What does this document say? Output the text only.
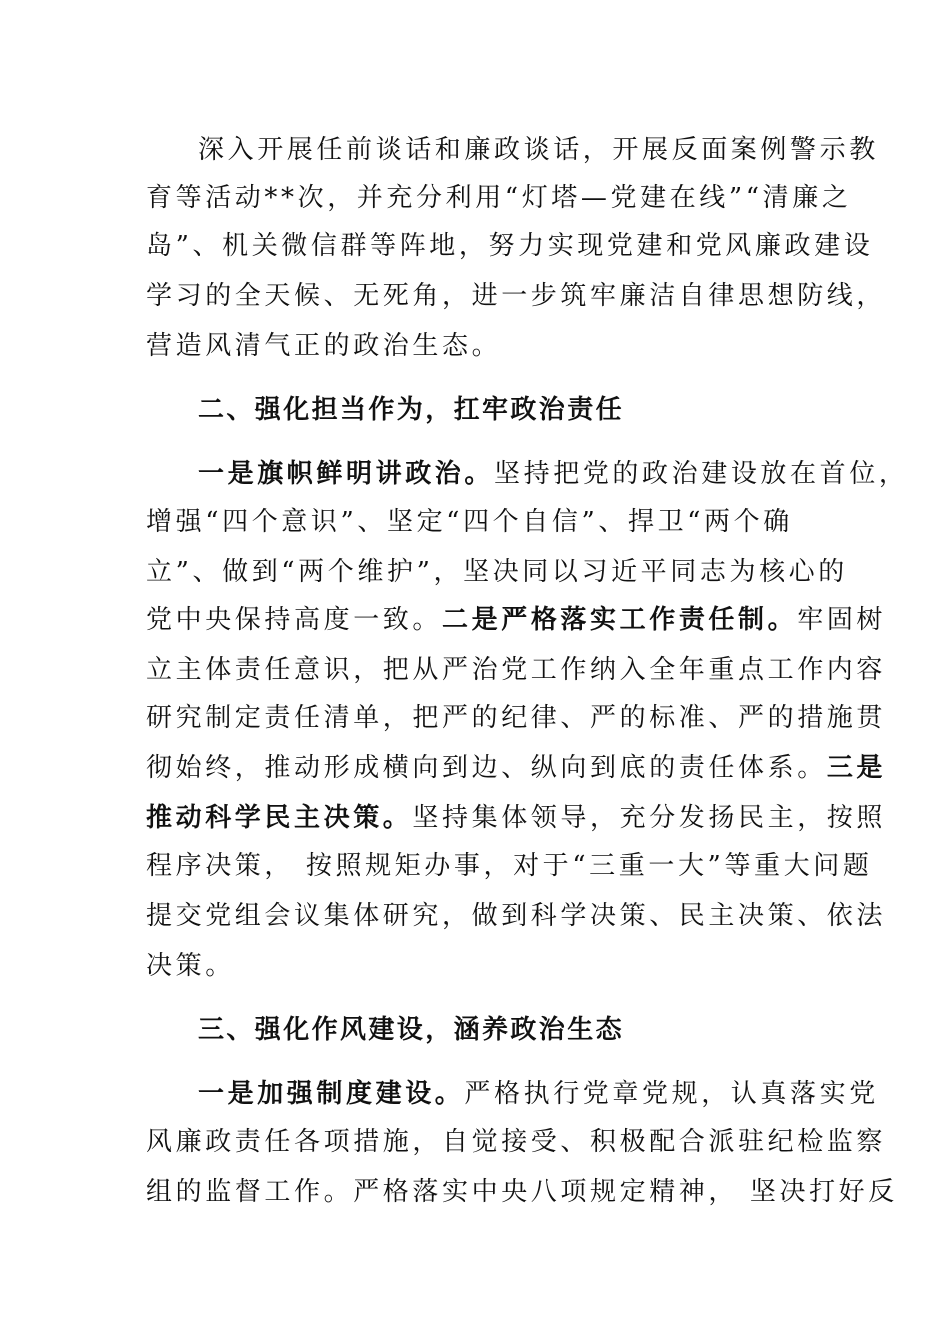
深入开展任前谈话和廉政谈话，开展反面案例警示教
育等活动**次，并充分利用“灯塔—党建在线”“清廉之
岛”、机关微信群等阵地，努力实现党建和党风廉政建设
学习的全天候、无死角，进一步筑牢廉洁自律思想防线，
营造风清气正的政治生态。
二、强化担当作为，扛牢政治责任
一是旗帜鲜明讲政治。坚持把党的政治建设放在首位，
增强“四个意识”、坚定“四个自信”、捍卫“两个确
立”、做到“两个维护”，坚决同以习近平同志为核心的
党中央保持高度一致。二是严格落实工作责任制。牢固树
立主体责任意识，把从严治党工作纳入全年重点工作内容
研究制定责任清单，把严的纪律、严的标准、严的措施贯
彻始终，推动形成横向到边、纵向到底的责任体系。三是
推动科学民主决策。坚持集体领导，充分发扬民主，按照
程序决策， 按照规矩办事，对于“三重一大”等重大问题
提交党组会议集体研究，做到科学决策、民主决策、依法
决策。
三、强化作风建设，涵养政治生态
一是加强制度建设。严格执行党章党规，认真落实党
风廉政责任各项措施，自觉接受、积极配合派驻纪检监察
组的监督工作。严格落实中央八项规定精神， 坚决打好反
